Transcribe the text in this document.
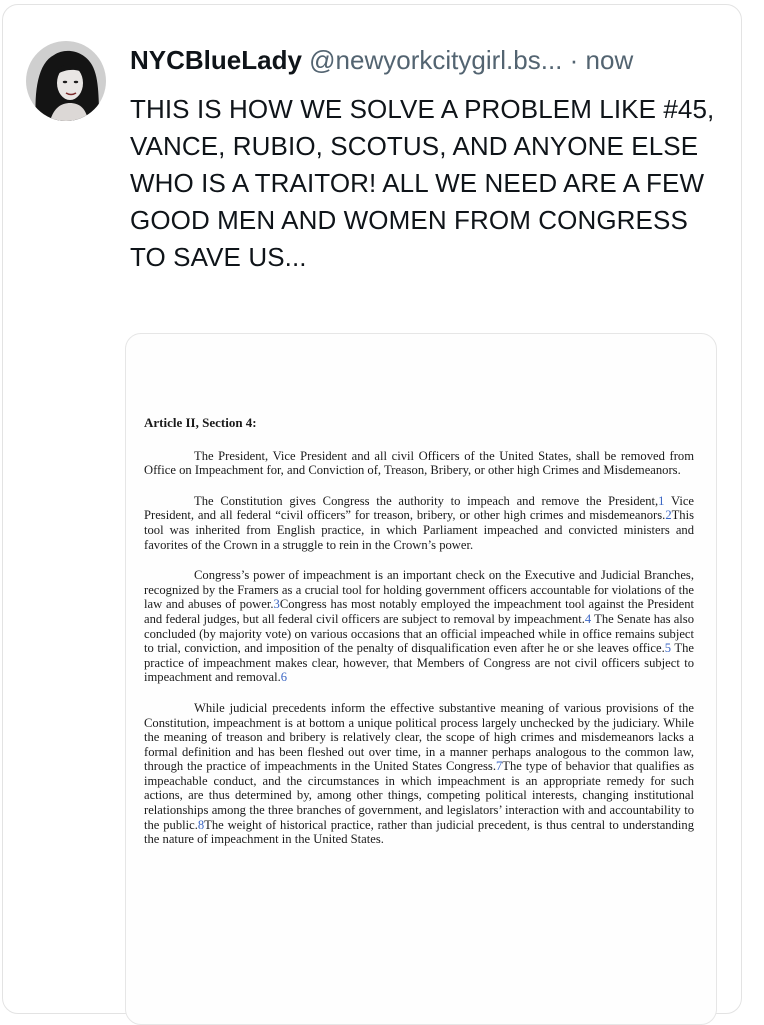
NYCBlueLady @newyorkcitygirl.bs... · now

THIS IS HOW WE SOLVE A PROBLEM LIKE #45, VANCE, RUBIO, SCOTUS, AND ANYONE ELSE WHO IS A TRAITOR! ALL WE NEED ARE A FEW GOOD MEN AND WOMEN FROM CONGRESS TO SAVE US...

Article II, Section 4:

The President, Vice President and all civil Officers of the United States, shall be removed from Office on Impeachment for, and Conviction of, Treason, Bribery, or other high Crimes and Misdemeanors.

The Constitution gives Congress the authority to impeach and remove the President,1 Vice President, and all federal “civil officers” for treason, bribery, or other high crimes and misdemeanors.2This tool was inherited from English practice, in which Parliament impeached and convicted ministers and favorites of the Crown in a struggle to rein in the Crown’s power.

Congress’s power of impeachment is an important check on the Executive and Judicial Branches, recognized by the Framers as a crucial tool for holding government officers accountable for violations of the law and abuses of power.3Congress has most notably employed the impeachment tool against the President and federal judges, but all federal civil officers are subject to removal by impeachment.4 The Senate has also concluded (by majority vote) on various occasions that an official impeached while in office remains subject to trial, conviction, and imposition of the penalty of disqualification even after he or she leaves office.5 The practice of impeachment makes clear, however, that Members of Congress are not civil officers subject to impeachment and removal.6

While judicial precedents inform the effective substantive meaning of various provisions of the Constitution, impeachment is at bottom a unique political process largely unchecked by the judiciary. While the meaning of treason and bribery is relatively clear, the scope of high crimes and misdemeanors lacks a formal definition and has been fleshed out over time, in a manner perhaps analogous to the common law, through the practice of impeachments in the United States Congress.7The type of behavior that qualifies as impeachable conduct, and the circumstances in which impeachment is an appropriate remedy for such actions, are thus determined by, among other things, competing political interests, changing institutional relationships among the three branches of government, and legislators’ interaction with and accountability to the public.8The weight of historical practice, rather than judicial precedent, is thus central to understanding the nature of impeachment in the United States.
